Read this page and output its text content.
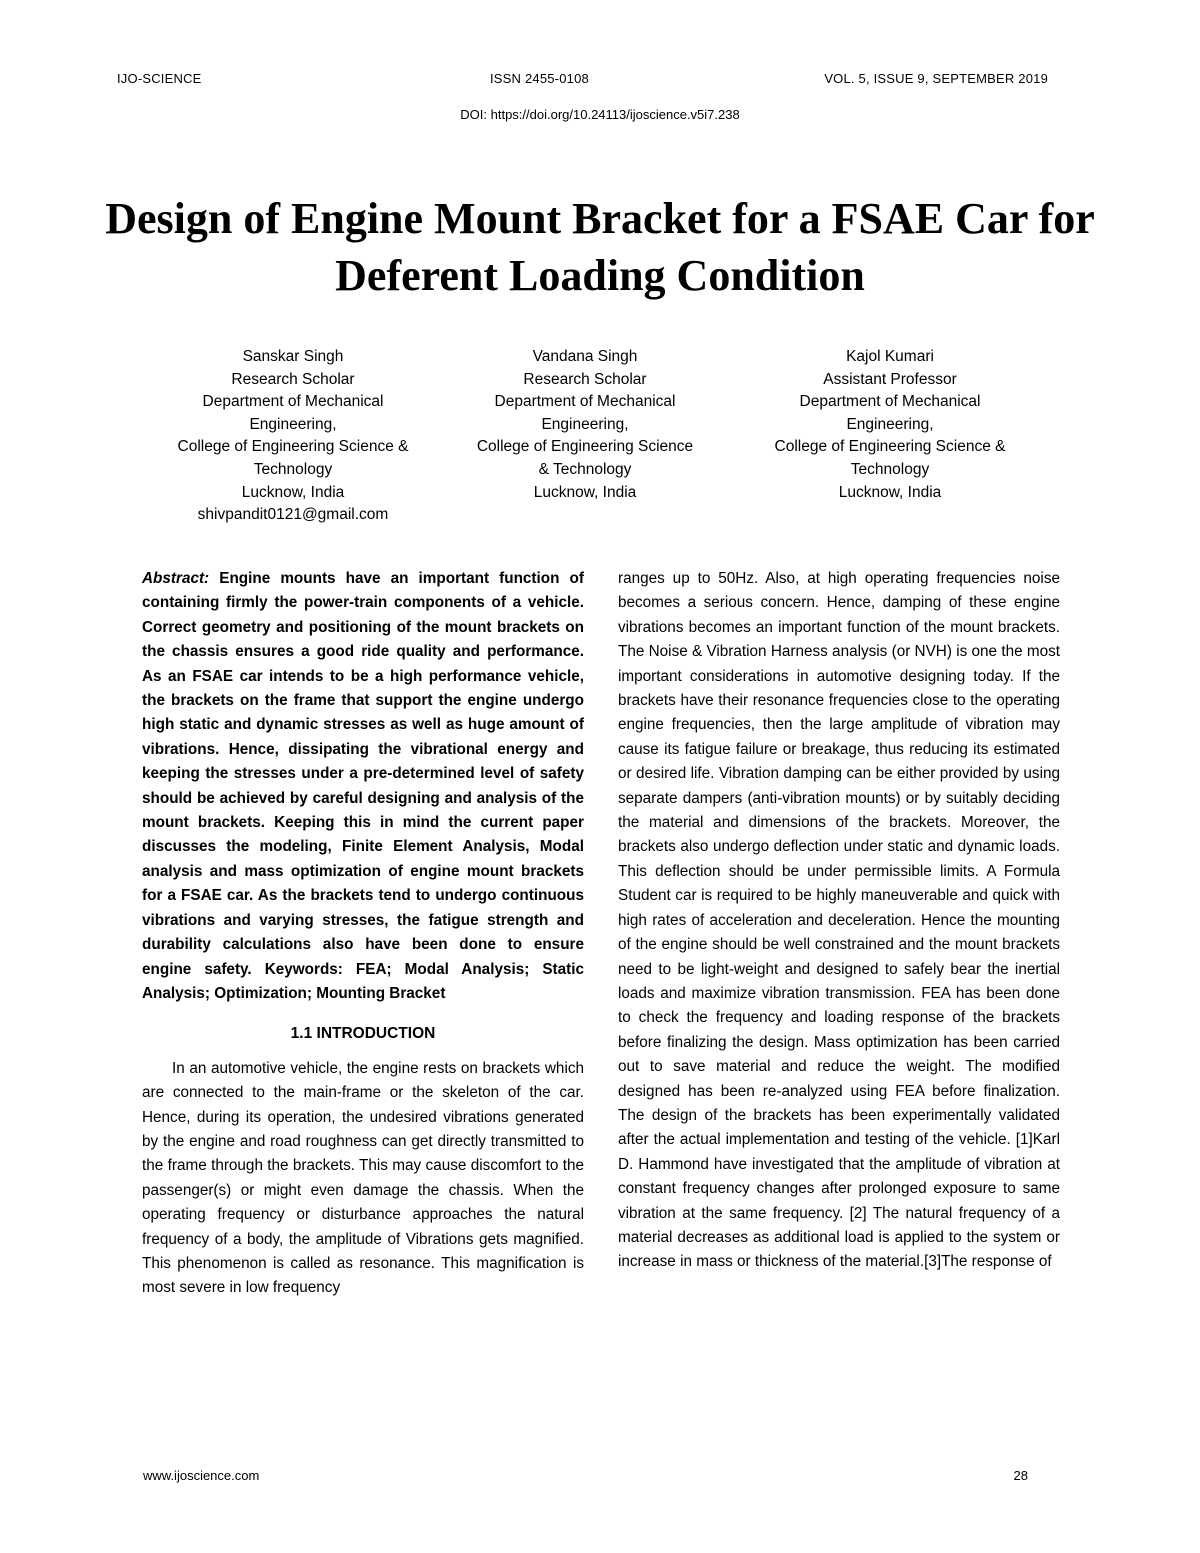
IJO-SCIENCE	ISSN 2455-0108	VOL. 5, ISSUE 9, SEPTEMBER 2019
DOI: https://doi.org/10.24113/ijoscience.v5i7.238
Design of Engine Mount Bracket for a FSAE Car for Deferent Loading Condition
Sanskar Singh
Research Scholar
Department of Mechanical
Engineering,
College of Engineering Science &
Technology
Lucknow, India
shivpandit0121@gmail.com
Vandana Singh
Research Scholar
Department of Mechanical
Engineering,
College of Engineering Science
& Technology
Lucknow, India
Kajol Kumari
Assistant Professor
Department of Mechanical
Engineering,
College of Engineering Science &
Technology
Lucknow, India

Abstract: Engine mounts have an important function of containing firmly the power-train components of a vehicle. Correct geometry and positioning of the mount brackets on the chassis ensures a good ride quality and performance. As an FSAE car intends to be a high performance vehicle, the brackets on the frame that support the engine undergo high static and dynamic stresses as well as huge amount of vibrations. Hence, dissipating the vibrational energy and keeping the stresses under a pre-determined level of safety should be achieved by careful designing and analysis of the mount brackets. Keeping this in mind the current paper discusses the modeling, Finite Element Analysis, Modal analysis and mass optimization of engine mount brackets for a FSAE car. As the brackets tend to undergo continuous vibrations and varying stresses, the fatigue strength and durability calculations also have been done to ensure engine safety. Keywords: FEA; Modal Analysis; Static Analysis; Optimization; Mounting Bracket

1.1 INTRODUCTION

In an automotive vehicle, the engine rests on brackets which are connected to the main-frame or the skeleton of the car. Hence, during its operation, the undesired vibrations generated by the engine and road roughness can get directly transmitted to the frame through the brackets. This may cause discomfort to the passenger(s) or might even damage the chassis. When the operating frequency or disturbance approaches the natural frequency of a body, the amplitude of Vibrations gets magnified. This phenomenon is called as resonance. This magnification is most severe in low frequency

ranges up to 50Hz. Also, at high operating frequencies noise becomes a serious concern. Hence, damping of these engine vibrations becomes an important function of the mount brackets. The Noise & Vibration Harness analysis (or NVH) is one the most important considerations in automotive designing today. If the brackets have their resonance frequencies close to the operating engine frequencies, then the large amplitude of vibration may cause its fatigue failure or breakage, thus reducing its estimated or desired life. Vibration damping can be either provided by using separate dampers (anti-vibration mounts) or by suitably deciding the material and dimensions of the brackets. Moreover, the brackets also undergo deflection under static and dynamic loads. This deflection should be under permissible limits. A Formula Student car is required to be highly maneuverable and quick with high rates of acceleration and deceleration. Hence the mounting of the engine should be well constrained and the mount brackets need to be light-weight and designed to safely bear the inertial loads and maximize vibration transmission. FEA has been done to check the frequency and loading response of the brackets before finalizing the design. Mass optimization has been carried out to save material and reduce the weight. The modified designed has been re-analyzed using FEA before finalization. The design of the brackets has been experimentally validated after the actual implementation and testing of the vehicle. [1]Karl D. Hammond have investigated that the amplitude of vibration at constant frequency changes after prolonged exposure to same vibration at the same frequency. [2] The natural frequency of a material decreases as additional load is applied to the system or increase in mass or thickness of the material.[3]The response of

www.ijoscience.com	28
